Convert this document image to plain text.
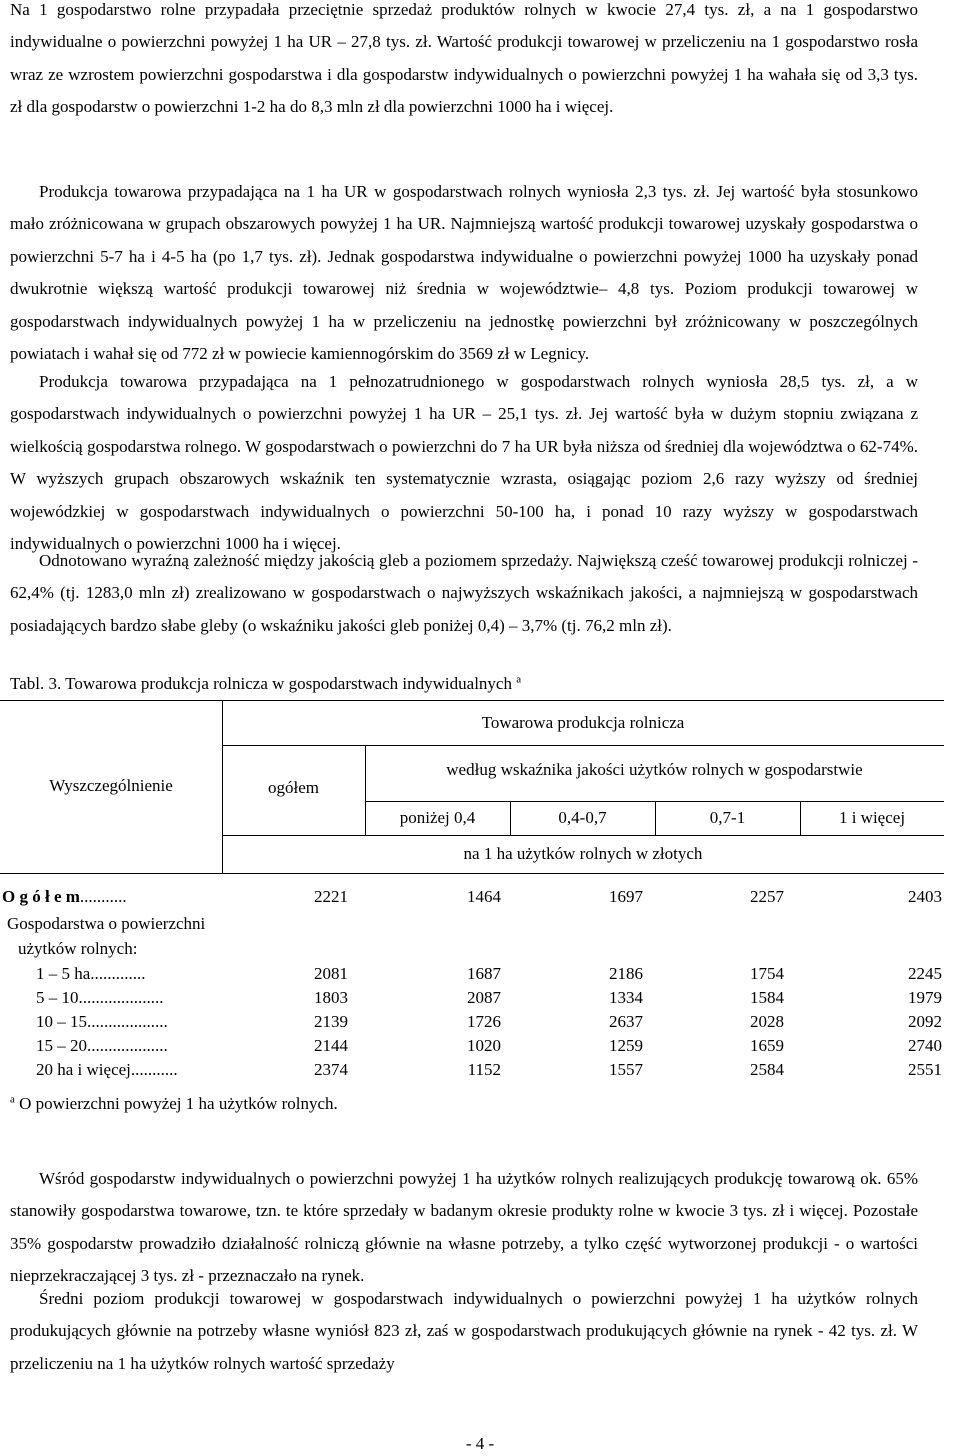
Na 1 gospodarstwo rolne przypadała przeciętnie sprzedaż produktów rolnych w kwocie 27,4 tys. zł, a na 1 gospodarstwo indywidualne o powierzchni powyżej 1 ha UR – 27,8 tys. zł. Wartość produkcji towarowej w przeliczeniu na 1 gospodarstwo rosła wraz ze wzrostem powierzchni gospodarstwa i dla gospodarstw indywidualnych o powierzchni powyżej 1 ha wahała się od 3,3 tys. zł dla gospodarstw o powierzchni 1-2 ha do 8,3 mln zł dla powierzchni 1000 ha i więcej.

Produkcja towarowa przypadająca na 1 ha UR w gospodarstwach rolnych wyniosła 2,3 tys. zł. Jej wartość była stosunkowo mało zróżnicowana w grupach obszarowych powyżej 1 ha UR. Najmniejszą wartość produkcji towarowej uzyskały gospodarstwa o powierzchni 5-7 ha i 4-5 ha (po 1,7 tys. zł). Jednak gospodarstwa indywidualne o powierzchni powyżej 1000 ha uzyskały ponad dwukrotnie większą wartość produkcji towarowej niż średnia w województwie– 4,8 tys. Poziom produkcji towarowej w gospodarstwach indywidualnych powyżej 1 ha w przeliczeniu na jednostkę powierzchni był zróżnicowany w poszczególnych powiatach i wahał się od 772 zł w powiecie kamiennogórskim do 3569 zł w Legnicy.

Produkcja towarowa przypadająca na 1 pełnozatrudnionego w gospodarstwach rolnych wyniosła 28,5 tys. zł, a w gospodarstwach indywidualnych o powierzchni powyżej 1 ha UR – 25,1 tys. zł. Jej wartość była w dużym stopniu związana z wielkością gospodarstwa rolnego. W gospodarstwach o powierzchni do 7 ha UR była niższa od średniej dla województwa o 62-74%. W wyższych grupach obszarowych wskaźnik ten systematycznie wzrasta, osiągając poziom 2,6 razy wyższy od średniej wojewódzkiej w gospodarstwach indywidualnych o powierzchni 50-100 ha, i ponad 10 razy wyższy w gospodarstwach indywidualnych o powierzchni 1000 ha i więcej.

Odnotowano wyraźną zależność między jakością gleb a poziomem sprzedaży. Największą cześć towarowej produkcji rolniczej - 62,4% (tj. 1283,0 mln zł) zrealizowano w gospodarstwach o najwyższych wskaźnikach jakości, a najmniejszą w gospodarstwach posiadających bardzo słabe gleby (o wskaźniku jakości gleb poniżej 0,4) – 3,7% (tj. 76,2 mln zł).

Tabl. 3. Towarowa produkcja rolnicza w gospodarstwach indywidualnych $^a$

Wyszczególnienie
Towarowa produkcja rolnicza
ogółem
według wskaźnika jakości użytków rolnych w gospodarstwie
poniżej 0,4	0,4-0,7	0,7-1	1 i więcej
na 1 ha użytków rolnych w złotych
O g ó ł e m...........	2221	1464	1697	2257	2403
Gospodarstwa o powierzchni
użytków rolnych:
1 – 5 ha.............	2081	1687	2186	1754	2245
5 – 10....................	1803	2087	1334	1584	1979
10 – 15...................	2139	1726	2637	2028	2092
15 – 20...................	2144	1020	1259	1659	2740
20 ha i więcej...........	2374	1152	1557	2584	2551
$^a$ O powierzchni powyżej 1 ha użytków rolnych.

Wśród gospodarstw indywidualnych o powierzchni powyżej 1 ha użytków rolnych realizujących produkcję towarową ok. 65% stanowiły gospodarstwa towarowe, tzn. te które sprzedały w badanym okresie produkty rolne w kwocie 3 tys. zł i więcej. Pozostałe 35% gospodarstw prowadziło działalność rolniczą głównie na własne potrzeby, a tylko część wytworzonej produkcji - o wartości nieprzekraczającej 3 tys. zł - przeznaczało na rynek.

Średni poziom produkcji towarowej w gospodarstwach indywidualnych o powierzchni powyżej 1 ha użytków rolnych produkujących głównie na potrzeby własne wyniósł 823 zł, zaś w gospodarstwach produkujących głównie na rynek - 42 tys. zł. W przeliczeniu na 1 ha użytków rolnych wartość sprzedaży

- 4 -
